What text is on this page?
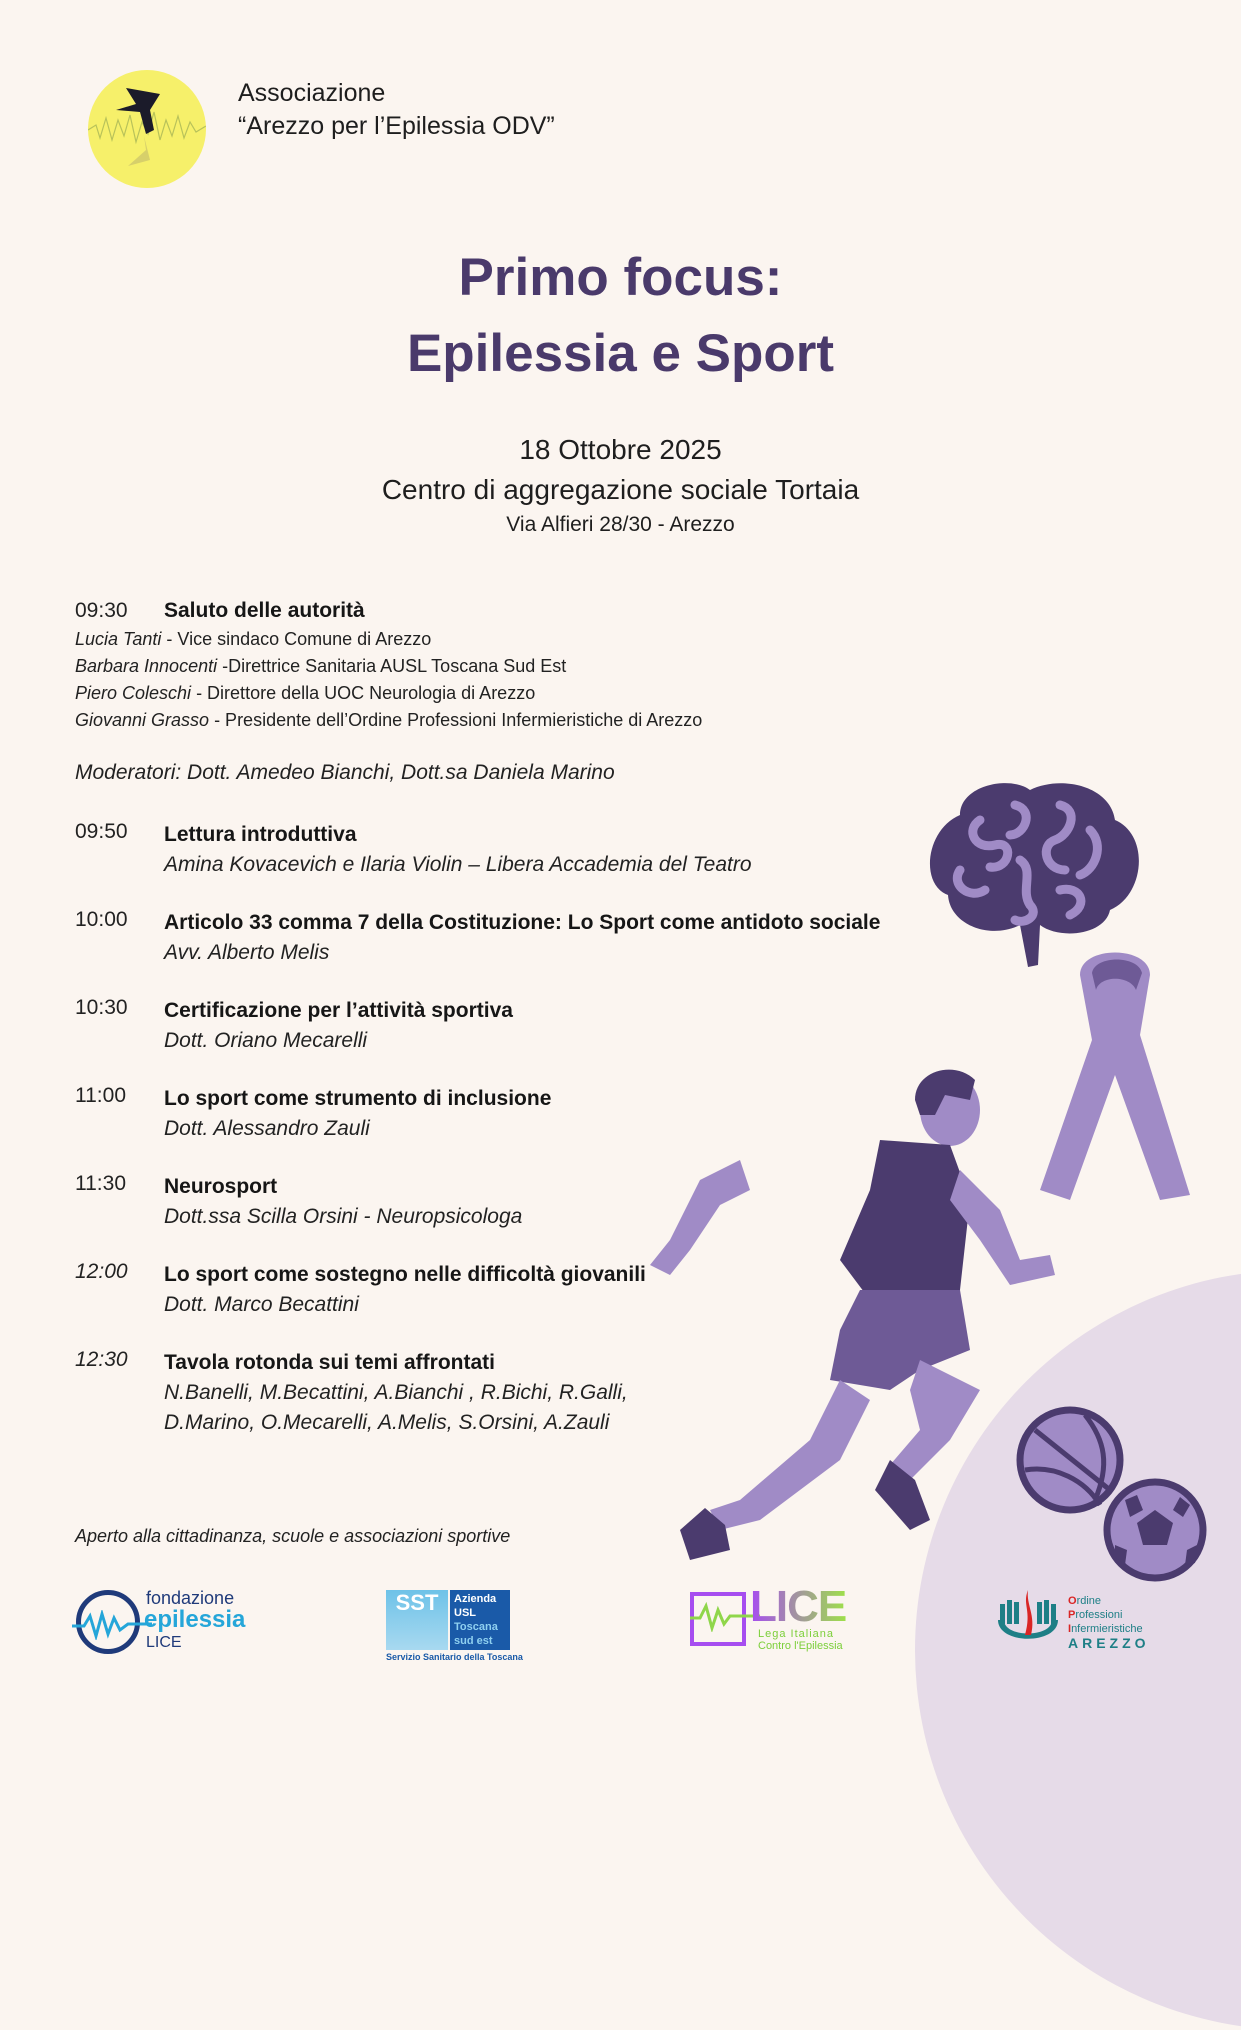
Associazione
“Arezzo per l’Epilessia ODV”
Primo focus:
Epilessia e Sport
18 Ottobre 2025
Centro di aggregazione sociale Tortaia
Via Alfieri 28/30 - Arezzo
09:30	Saluto delle autorità
Lucia Tanti - Vice sindaco Comune di Arezzo
Barbara Innocenti -Direttrice Sanitaria AUSL Toscana Sud Est
Piero Coleschi - Direttore della UOC Neurologia di Arezzo
Giovanni Grasso - Presidente dell’Ordine Professioni Infermieristiche di Arezzo
Moderatori: Dott. Amedeo Bianchi, Dott.sa Daniela Marino
09:50	Lettura introduttiva
Amina Kovacevich e Ilaria Violin – Libera Accademia del Teatro
10:00	Articolo 33 comma 7 della Costituzione: Lo Sport come antidoto sociale
Avv. Alberto Melis
10:30	Certificazione per l’attività sportiva
Dott. Oriano Mecarelli
11:00	Lo sport come strumento di inclusione
Dott. Alessandro Zauli
11:30	Neurosport
Dott.ssa Scilla Orsini - Neuropsicologa
12:00	Lo sport come sostegno nelle difficoltà giovanili
Dott. Marco Becattini
12:30	Tavola rotonda sui temi affrontati
N.Banelli, M.Becattini, A.Bianchi , R.Bichi, R.Galli,
D.Marino, O.Mecarelli, A.Melis, S.Orsini, A.Zauli
Aperto alla cittadinanza, scuole e associazioni sportive
fondazione
epilessia
LICE
SST	Azienda
USL
Toscana
sud est
Servizio Sanitario della Toscana
LICE
Lega Italiana
Contro l'Epilessia
Ordine
Professioni
Infermieristiche
AREZZO
